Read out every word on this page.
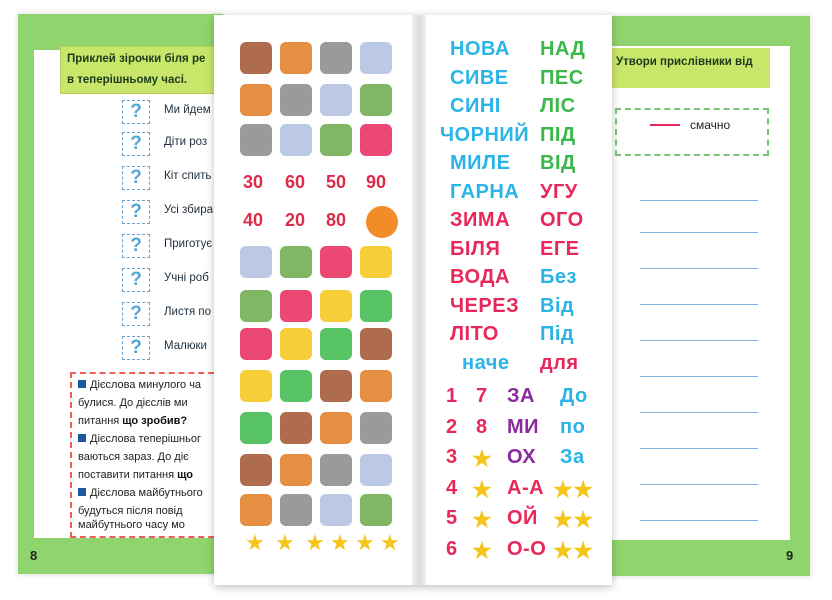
Приклей зірочки біля ре
в теперішньому часі.
?	Ми йдем
?	Діти роз
?	Кіт спить
?	Усі збира
?	Приготує
?	Учні роб
?	Листя по
?	Малюки
Дієслова минулого ча
булися. До дієслів ми
питання що зробив?
Дієслова теперішньог
ваються зараз. До діє
поставити питання що
Дієслова майбутнього
будуться після повід
майбутнього часу мо
8
Утвори прислівники від
смачно
9
★ ★ ★ ★ ★ ★
30 60 50 90
40 20 80
НОВА
СИВЕ
СИНІ
ЧОРНИЙ
МИЛЕ
ГАРНА
ЗИМА
БІЛЯ
ВОДА
ЧЕРЕЗ
ЛІТО
наче
НАД
ПЕС
ЛІС
ПІД
ВІД
УГУ
ОГО
ЕГЕ
Без
Від
Під
для
1 7 ЗА До
2 8 МИ по
3 ★ ОХ За
4 ★ А-А ★★
5 ★ ОЙ ★★
6 ★ О-О ★★
